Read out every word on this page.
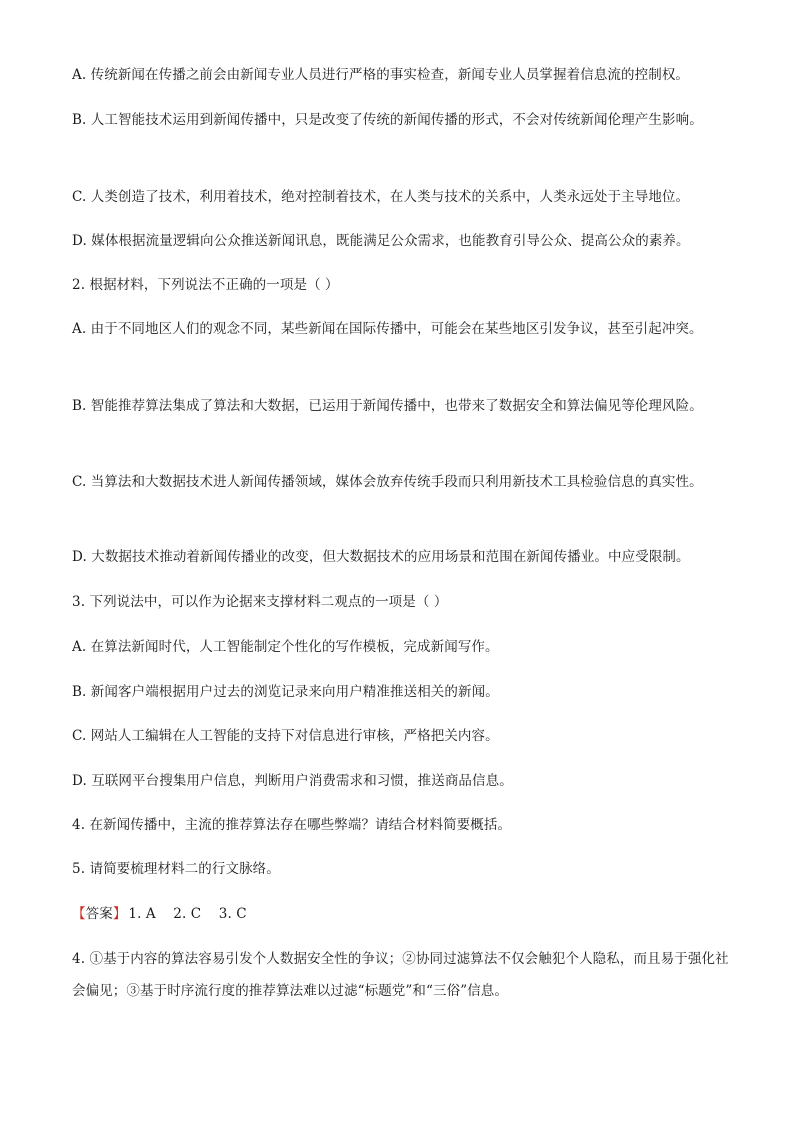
A. 传统新闻在传播之前会由新闻专业人员进行严格的事实检查，新闻专业人员掌握着信息流的控制权。
B. 人工智能技术运用到新闻传播中，只是改变了传统的新闻传播的形式，不会对传统新闻伦理产生影响。
C. 人类创造了技术，利用着技术，绝对控制着技术，在人类与技术的关系中，人类永远处于主导地位。
D. 媒体根据流量逻辑向公众推送新闻讯息，既能满足公众需求，也能教育引导公众、提高公众的素养。
2. 根据材料，下列说法不正确的一项是（ ）
A. 由于不同地区人们的观念不同，某些新闻在国际传播中，可能会在某些地区引发争议，甚至引起冲突。
B. 智能推荐算法集成了算法和大数据，已运用于新闻传播中，也带来了数据安全和算法偏见等伦理风险。
C. 当算法和大数据技术进人新闻传播领域，媒体会放弃传统手段而只利用新技术工具检验信息的真实性。
D. 大数据技术推动着新闻传播业的改变，但大数据技术的应用场景和范围在新闻传播业。中应受限制。
3. 下列说法中，可以作为论据来支撑材料二观点的一项是（ ）
A. 在算法新闻时代，人工智能制定个性化的写作模板，完成新闻写作。
B. 新闻客户端根据用户过去的浏览记录来向用户精准推送相关的新闻。
C. 网站人工编辑在人工智能的支持下对信息进行审核，严格把关内容。
D. 互联网平台搜集用户信息，判断用户消费需求和习惯，推送商品信息。
4. 在新闻传播中，主流的推荐算法存在哪些弊端？请结合材料简要概括。
5. 请简要梳理材料二的行文脉络。
【答案】 1. A    2. C    3. C
4. ①基于内容的算法容易引发个人数据安全性的争议；②协同过滤算法不仅会触犯个人隐私，而且易于强化社会偏见；③基于时序流行度的推荐算法难以过滤“标题党”和“三俗”信息。
